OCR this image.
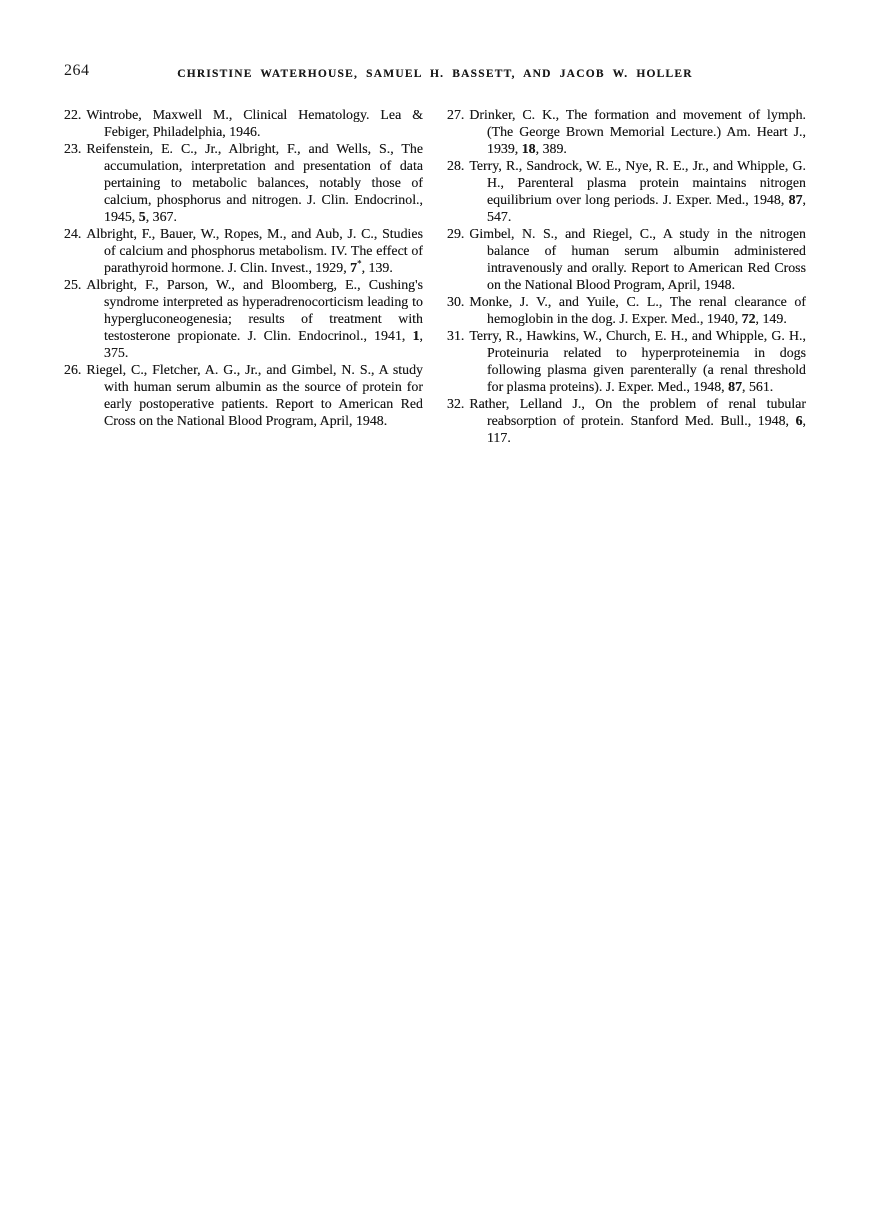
264	CHRISTINE WATERHOUSE, SAMUEL H. BASSETT, AND JACOB W. HOLLER

22. Wintrobe, Maxwell M., Clinical Hematology. Lea & Febiger, Philadelphia, 1946.

23. Reifenstein, E. C., Jr., Albright, F., and Wells, S., The accumulation, interpretation and presentation of data pertaining to metabolic balances, notably those of calcium, phosphorus and nitrogen. J. Clin. Endocrinol., 1945, 5, 367.

24. Albright, F., Bauer, W., Ropes, M., and Aub, J. C., Studies of calcium and phosphorus metabolism. IV. The effect of parathyroid hormone. J. Clin. Invest., 1929, 7*, 139.

25. Albright, F., Parson, W., and Bloomberg, E., Cushing's syndrome interpreted as hyperadrenocorticism leading to hypergluconeogenesia; results of treatment with testosterone propionate. J. Clin. Endocrinol., 1941, 1, 375.

26. Riegel, C., Fletcher, A. G., Jr., and Gimbel, N. S., A study with human serum albumin as the source of protein for early postoperative patients. Report to American Red Cross on the National Blood Program, April, 1948.

27. Drinker, C. K., The formation and movement of lymph. (The George Brown Memorial Lecture.) Am. Heart J., 1939, 18, 389.

28. Terry, R., Sandrock, W. E., Nye, R. E., Jr., and Whipple, G. H., Parenteral plasma protein maintains nitrogen equilibrium over long periods. J. Exper. Med., 1948, 87, 547.

29. Gimbel, N. S., and Riegel, C., A study in the nitrogen balance of human serum albumin administered intravenously and orally. Report to American Red Cross on the National Blood Program, April, 1948.

30. Monke, J. V., and Yuile, C. L., The renal clearance of hemoglobin in the dog. J. Exper. Med., 1940, 72, 149.

31. Terry, R., Hawkins, W., Church, E. H., and Whipple, G. H., Proteinuria related to hyperproteinemia in dogs following plasma given parenterally (a renal threshold for plasma proteins). J. Exper. Med., 1948, 87, 561.

32. Rather, Lelland J., On the problem of renal tubular reabsorption of protein. Stanford Med. Bull., 1948, 6, 117.
